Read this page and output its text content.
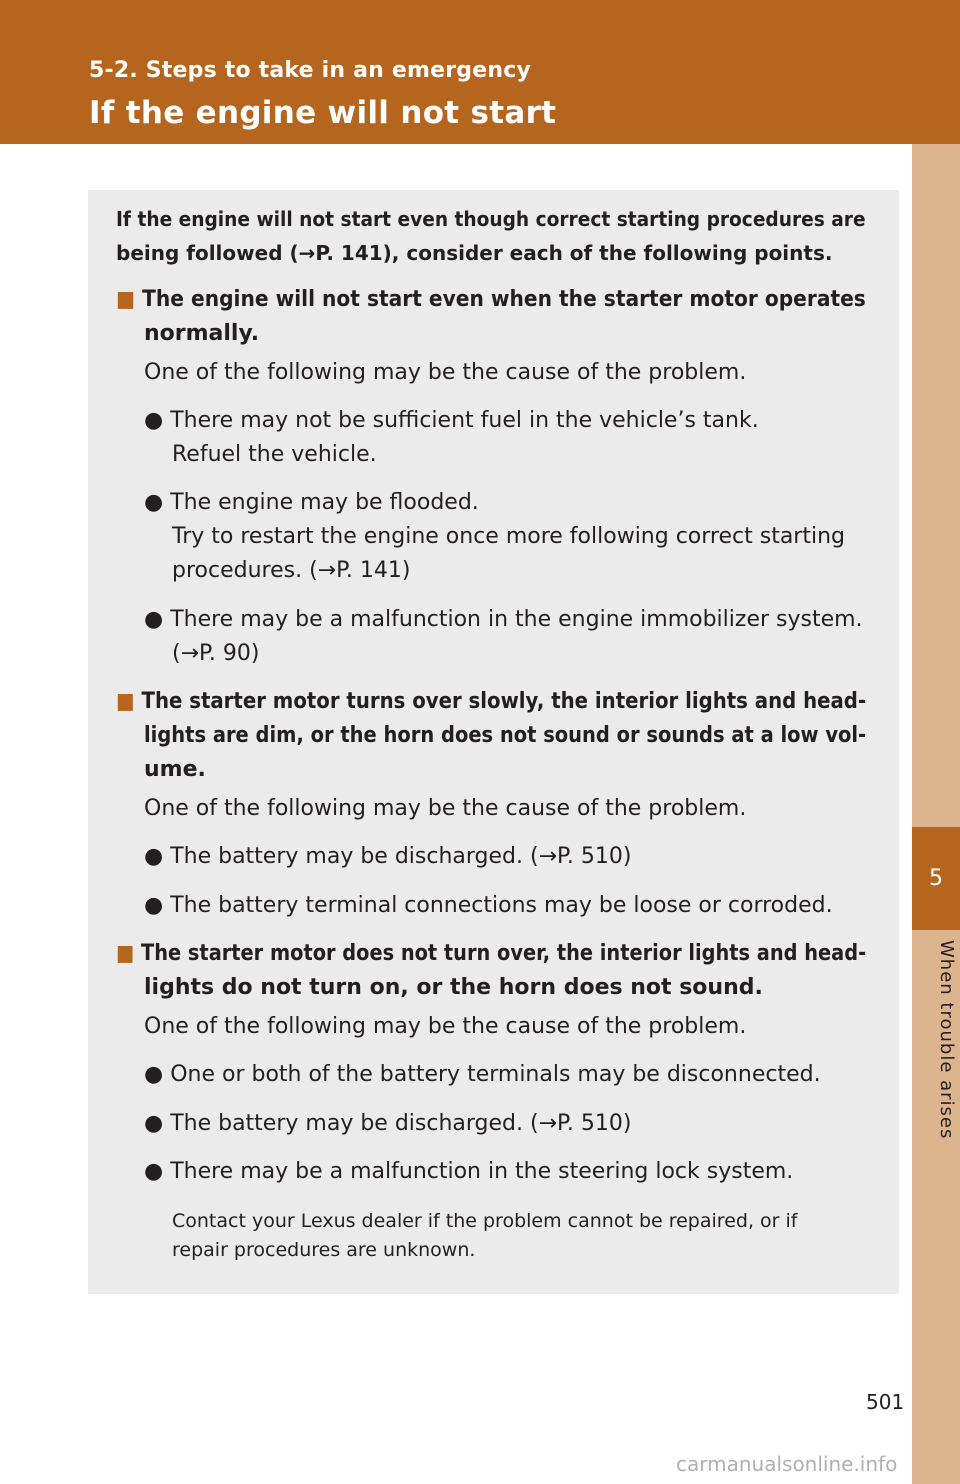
5-2. Steps to take in an emergency
If the engine will not start
5
When trouble arises
If the engine will not start even though correct starting procedures are
being followed (→P. 141), consider each of the following points.
■ The engine will not start even when the starter motor operates
normally.
One of the following may be the cause of the problem.
● There may not be sufficient fuel in the vehicle’s tank.
Refuel the vehicle.
● The engine may be flooded.
Try to restart the engine once more following correct starting
procedures. (→P. 141)
● There may be a malfunction in the engine immobilizer system.
(→P. 90)
■ The starter motor turns over slowly, the interior lights and head-
lights are dim, or the horn does not sound or sounds at a low vol-
ume.
One of the following may be the cause of the problem.
● The battery may be discharged. (→P. 510)
● The battery terminal connections may be loose or corroded.
■ The starter motor does not turn over, the interior lights and head-
lights do not turn on, or the horn does not sound.
One of the following may be the cause of the problem.
● One or both of the battery terminals may be disconnected.
● The battery may be discharged. (→P. 510)
● There may be a malfunction in the steering lock system.
Contact your Lexus dealer if the problem cannot be repaired, or if
repair procedures are unknown.
501
carmanualsonline.info
